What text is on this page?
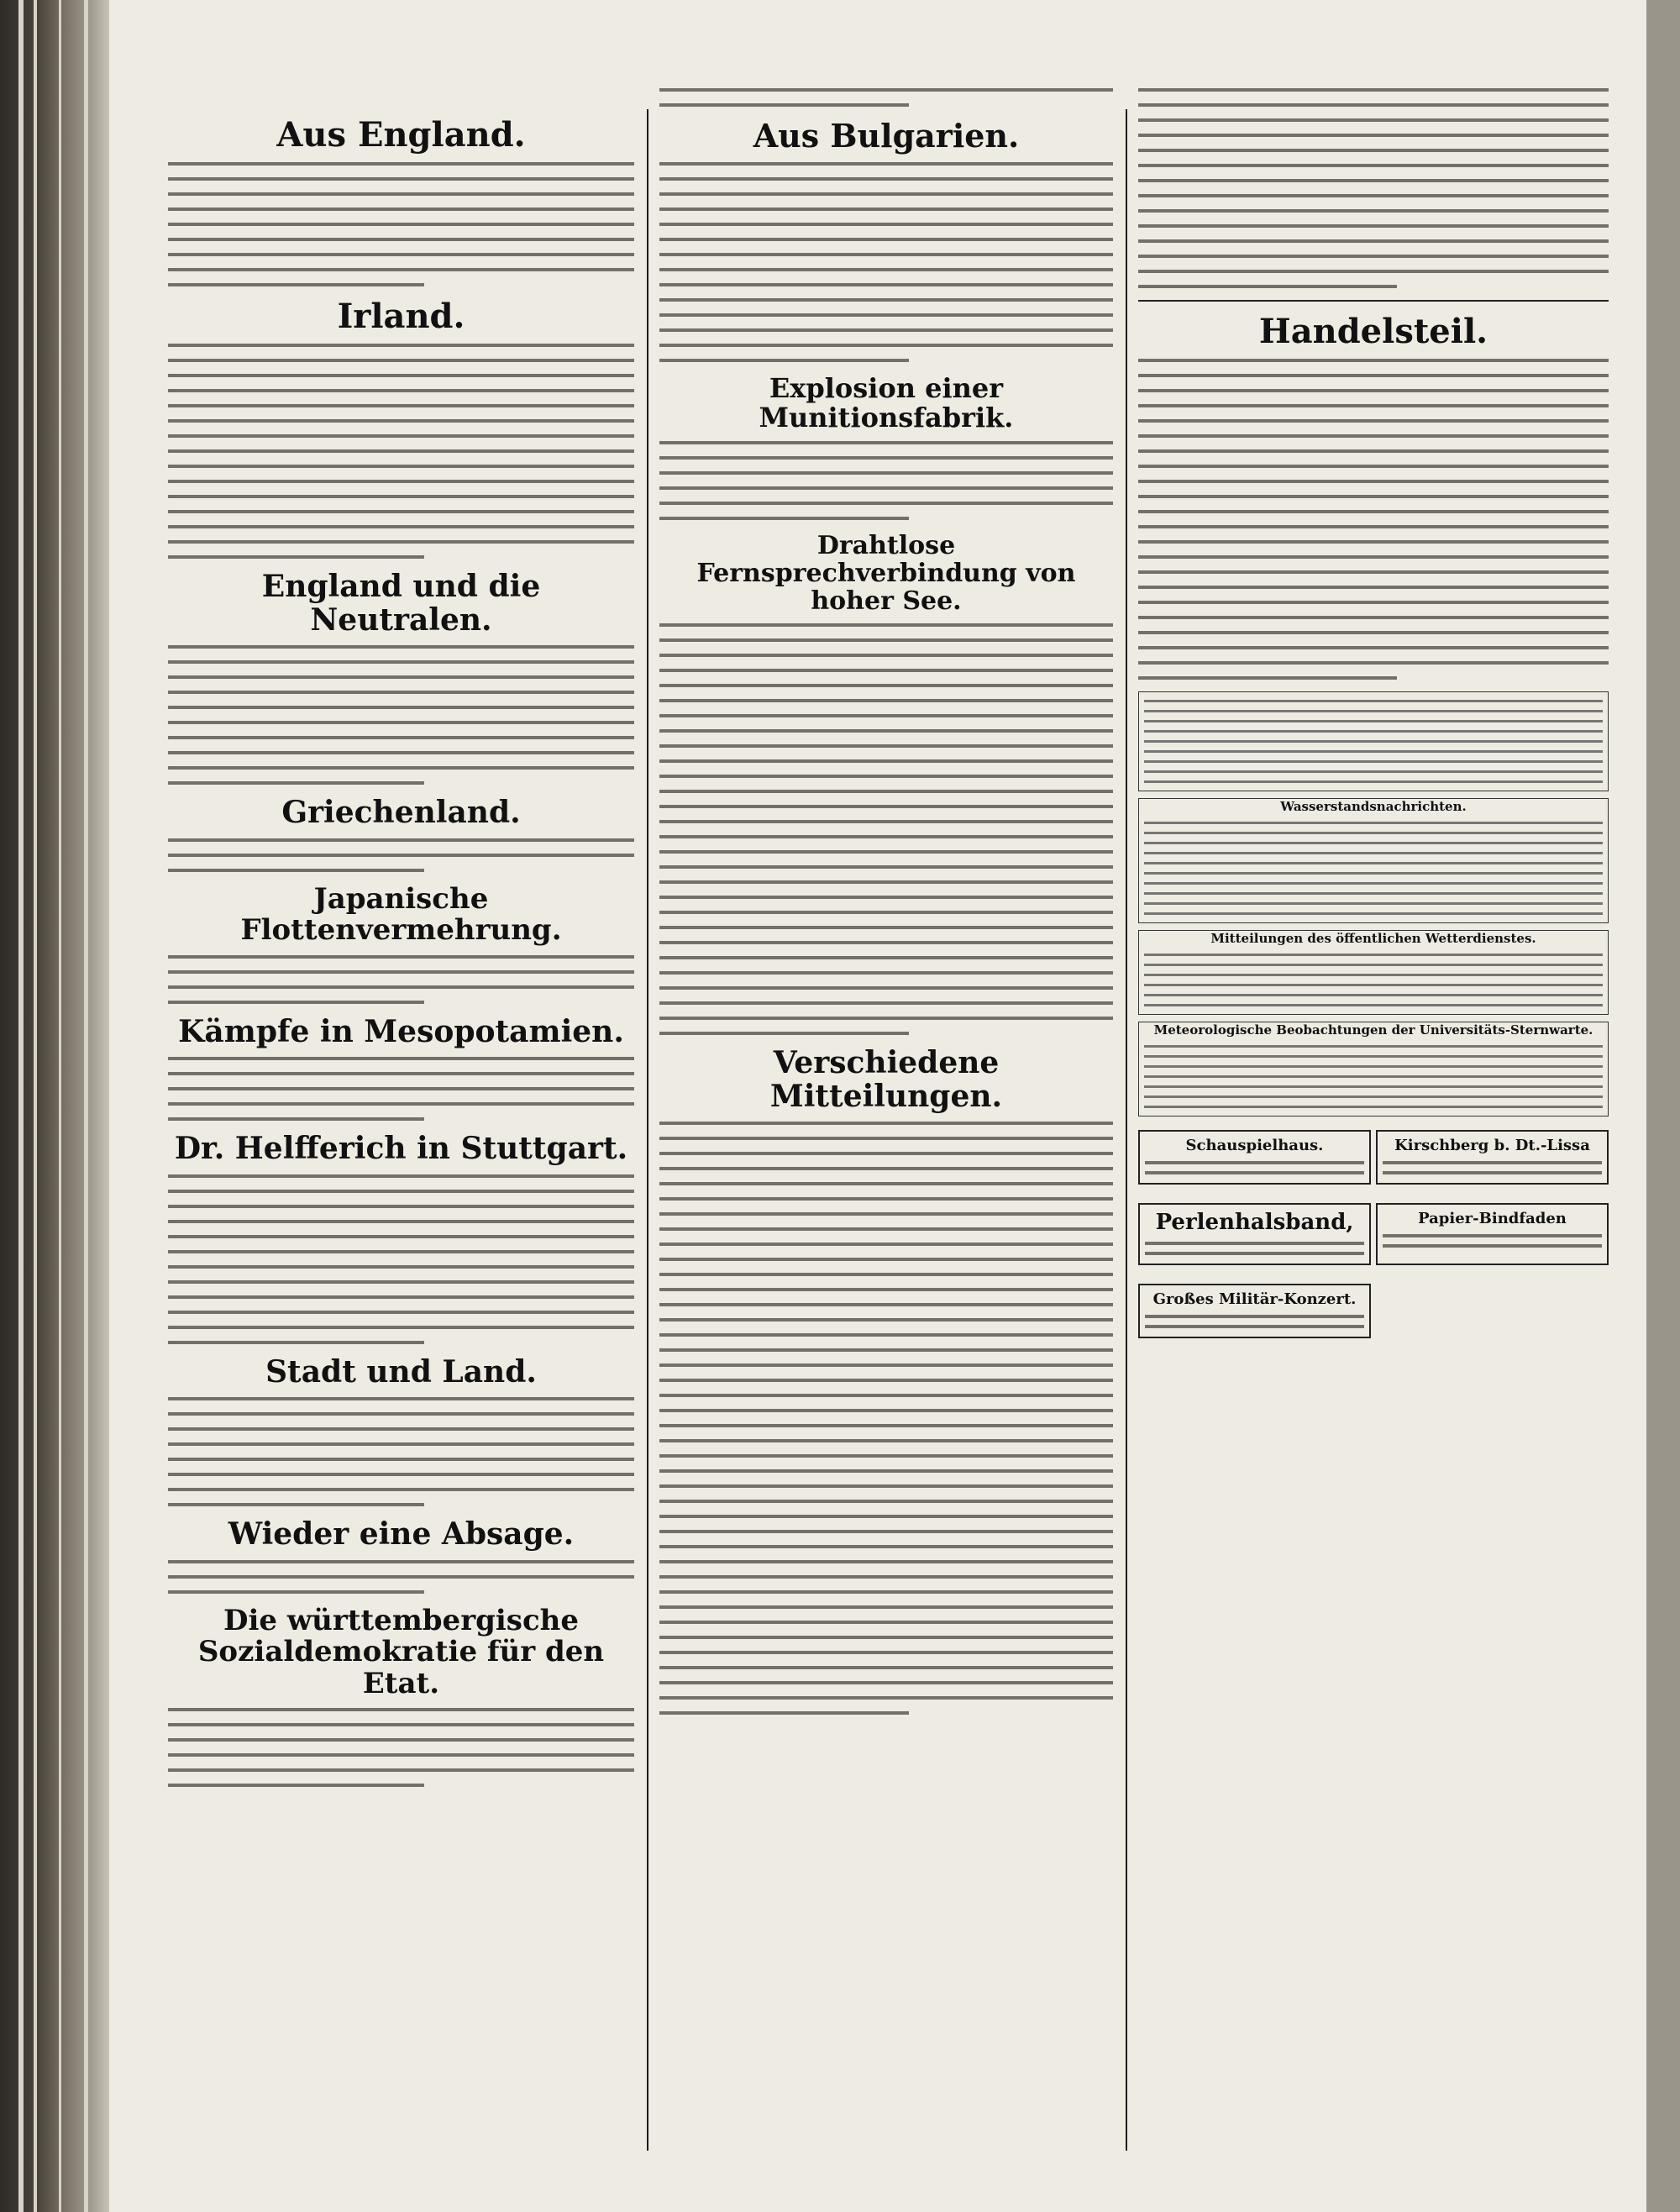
Aus England.
Irland.
England und die Neutralen.
Griechenland.
Japanische Flottenvermehrung.
Kämpfe in Mesopotamien.
Dr. Helfferich in Stuttgart.
Stadt und Land.
Wieder eine Absage.
Die württembergische Sozialdemokratie für den Etat.
Aus Bulgarien.
Explosion einer Munitionsfabrik.
Drahtlose Fernsprechverbindung von hoher See.
Verschiedene Mitteilungen.
Handelsteil.
Wasserstandsnachrichten.
Mitteilungen des öffentlichen Wetterdienstes.
Meteorologische Beobachtungen der Universitäts-Sternwarte.
Schauspielhaus.	Kirschberg b. Dt.-Lissa
Perlenhalsband,	Papier-Bindfaden
Großes Militär-Konzert.
